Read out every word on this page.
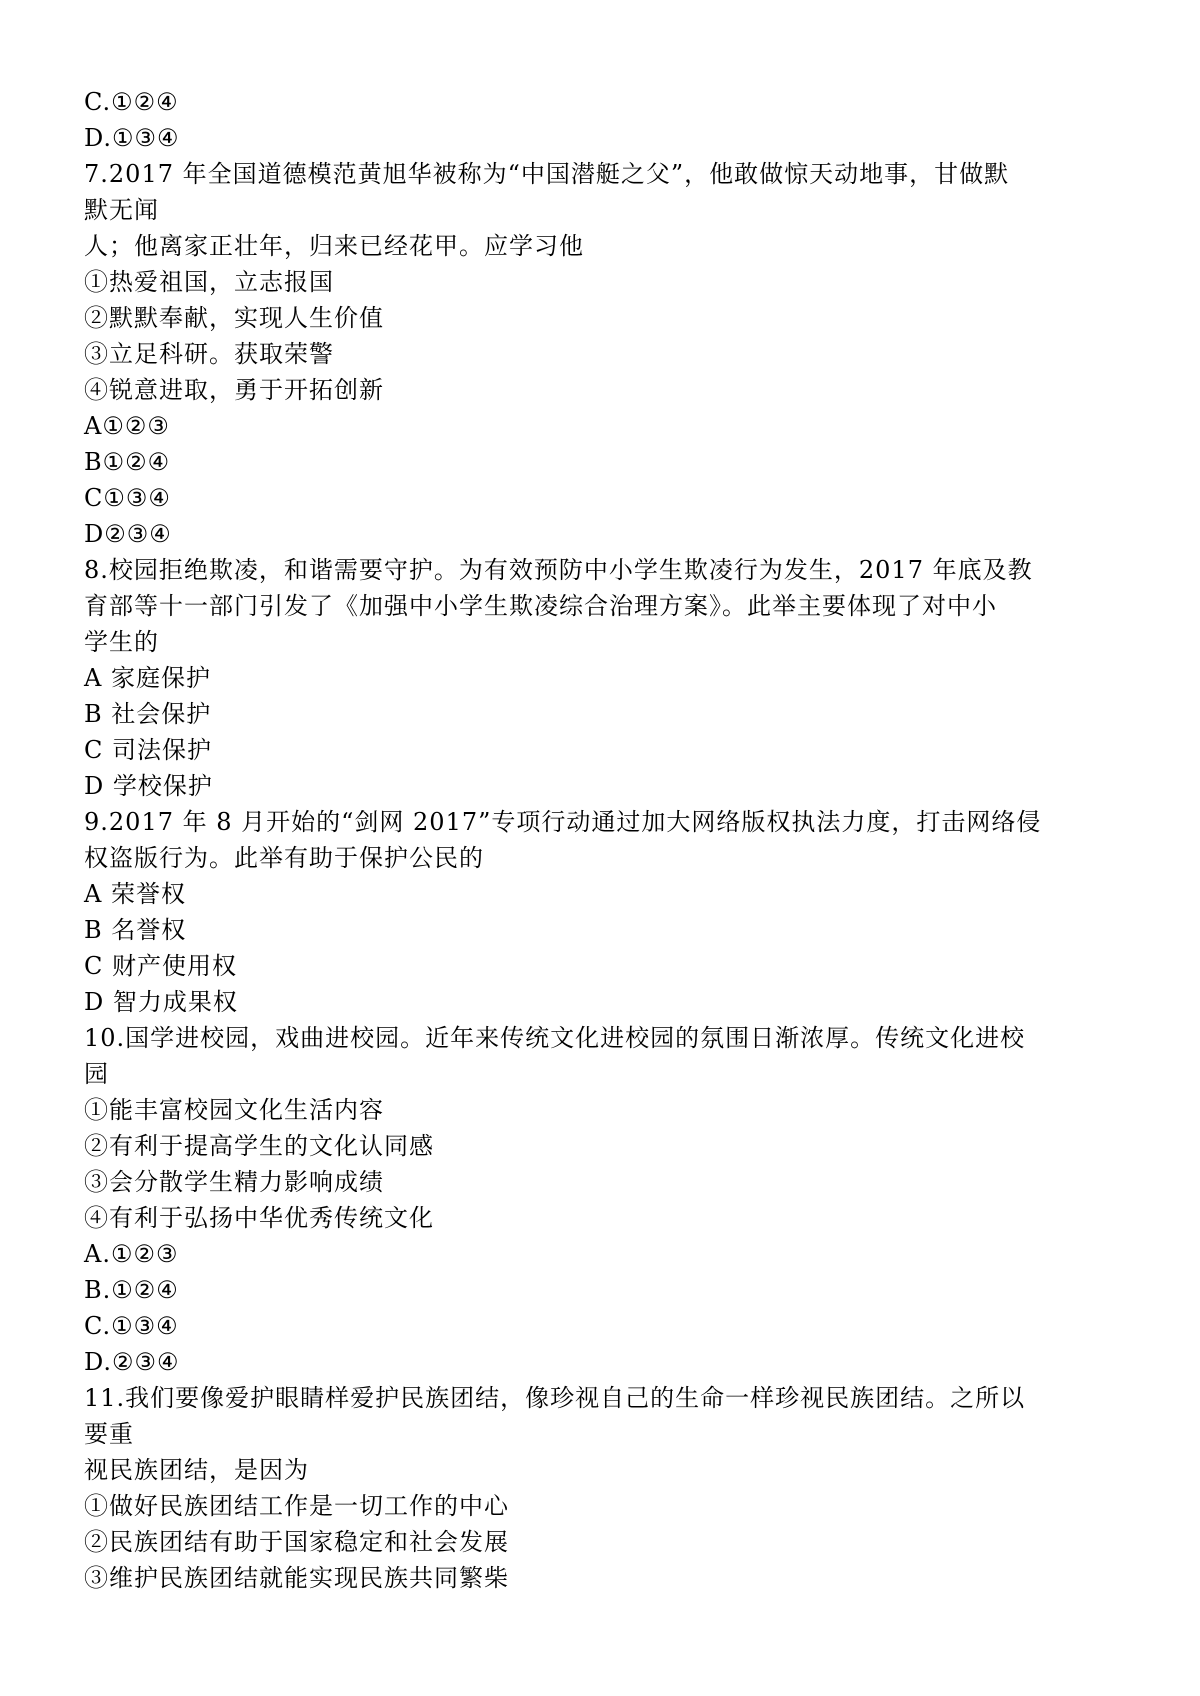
C.①②④
D.①③④
7.2017 年全国道德模范黄旭华被称为“中国潜艇之父”，他敢做惊天动地事，甘做默
默无闻
人；他离家正壮年，归来已经花甲。应学习他
①热爱祖国，立志报国
②默默奉献，实现人生价值
③立足科研。获取荣警
④锐意进取，勇于开拓创新
A①②③
B①②④
C①③④
D②③④
8.校园拒绝欺凌，和谐需要守护。为有效预防中小学生欺凌行为发生，2017 年底及教
育部等十一部门引发了《加强中小学生欺凌综合治理方案》。此举主要体现了对中小
学生的
A 家庭保护
B 社会保护
C 司法保护
D 学校保护
9.2017 年 8 月开始的“剑网 2017”专项行动通过加大网络版权执法力度，打击网络侵
权盗版行为。此举有助于保护公民的
A 荣誉权
B 名誉权
C 财产使用权
D 智力成果权
10.国学进校园，戏曲进校园。近年来传统文化进校园的氛围日渐浓厚。传统文化进校
园
①能丰富校园文化生活内容
②有利于提高学生的文化认同感
③会分散学生精力影响成绩
④有利于弘扬中华优秀传统文化
A.①②③
B.①②④
C.①③④
D.②③④
11.我们要像爱护眼睛样爱护民族团结，像珍视自己的生命一样珍视民族团结。之所以
要重
视民族团结，是因为
①做好民族团结工作是一切工作的中心
②民族团结有助于国家稳定和社会发展
③维护民族团结就能实现民族共同繁柴
